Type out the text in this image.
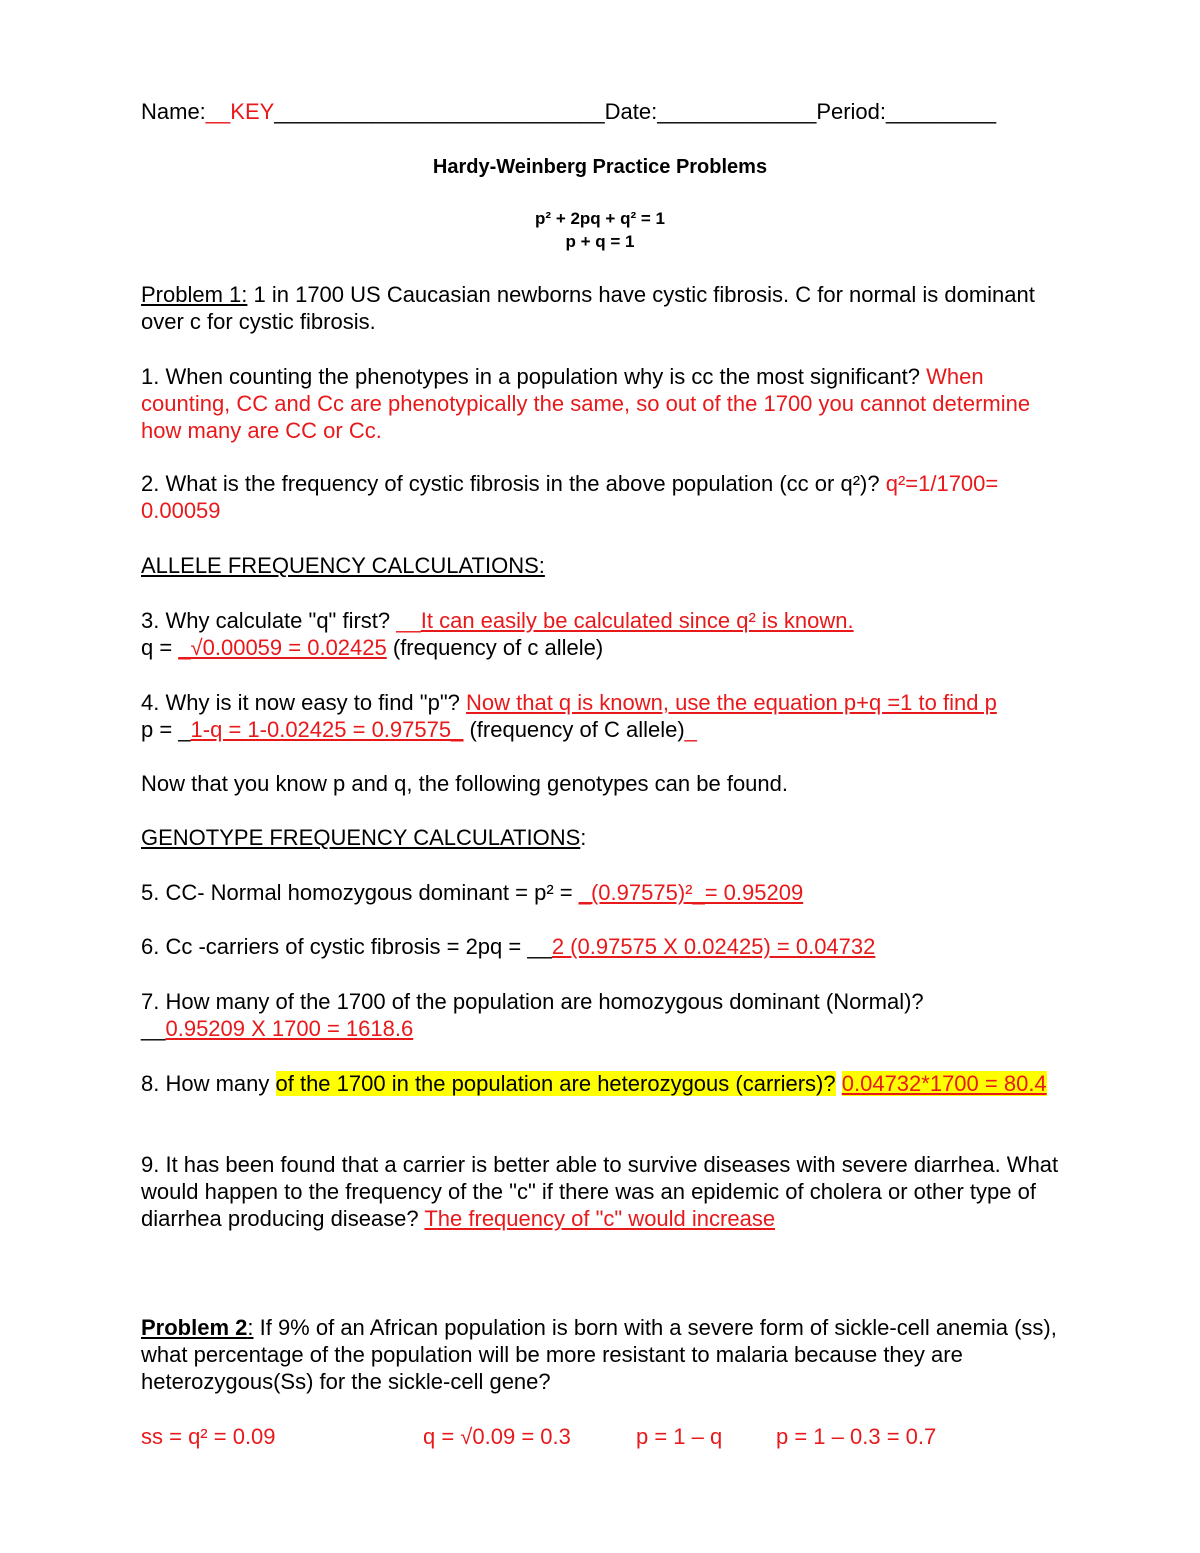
Name:__KEY___________________________Date:_____________Period:_________
Hardy-Weinberg Practice Problems
p² + 2pq + q² = 1
p + q = 1
Problem 1: 1 in 1700 US Caucasian newborns have cystic fibrosis. C for normal is dominant over c for cystic fibrosis.
1. When counting the phenotypes in a population why is cc the most significant? When counting, CC and Cc are phenotypically the same, so out of the 1700 you cannot determine how many are CC or Cc.
2. What is the frequency of cystic fibrosis in the above population (cc or q²)? q²=1/1700= 0.00059
ALLELE FREQUENCY CALCULATIONS:
3. Why calculate "q" first? __It can easily be calculated since q² is known.
q = _√0.00059 = 0.02425 (frequency of c allele)
4. Why is it now easy to find "p"? Now that q is known, use the equation p+q =1 to find p
p = _1-q = 1-0.02425 = 0.97575_ (frequency of C allele)_
Now that you know p and q, the following genotypes can be found.
GENOTYPE FREQUENCY CALCULATIONS:
5. CC- Normal homozygous dominant = p² = _(0.97575)²_= 0.95209
6. Cc -carriers of cystic fibrosis = 2pq = __2 (0.97575 X 0.02425) = 0.04732
7. How many of the 1700 of the population are homozygous dominant (Normal)?
__0.95209 X 1700 = 1618.6
8. How many of the 1700 in the population are heterozygous (carriers)? 0.04732*1700 = 80.4
9. It has been found that a carrier is better able to survive diseases with severe diarrhea. What would happen to the frequency of the "c" if there was an epidemic of cholera or other type of diarrhea producing disease? The frequency of "c" would increase
Problem 2: If 9% of an African population is born with a severe form of sickle-cell anemia (ss), what percentage of the population will be more resistant to malaria because they are heterozygous(Ss) for the sickle-cell gene?
ss = q² = 0.09	q = √0.09 = 0.3	p = 1 – q p = 1 – 0.3 = 0.7
